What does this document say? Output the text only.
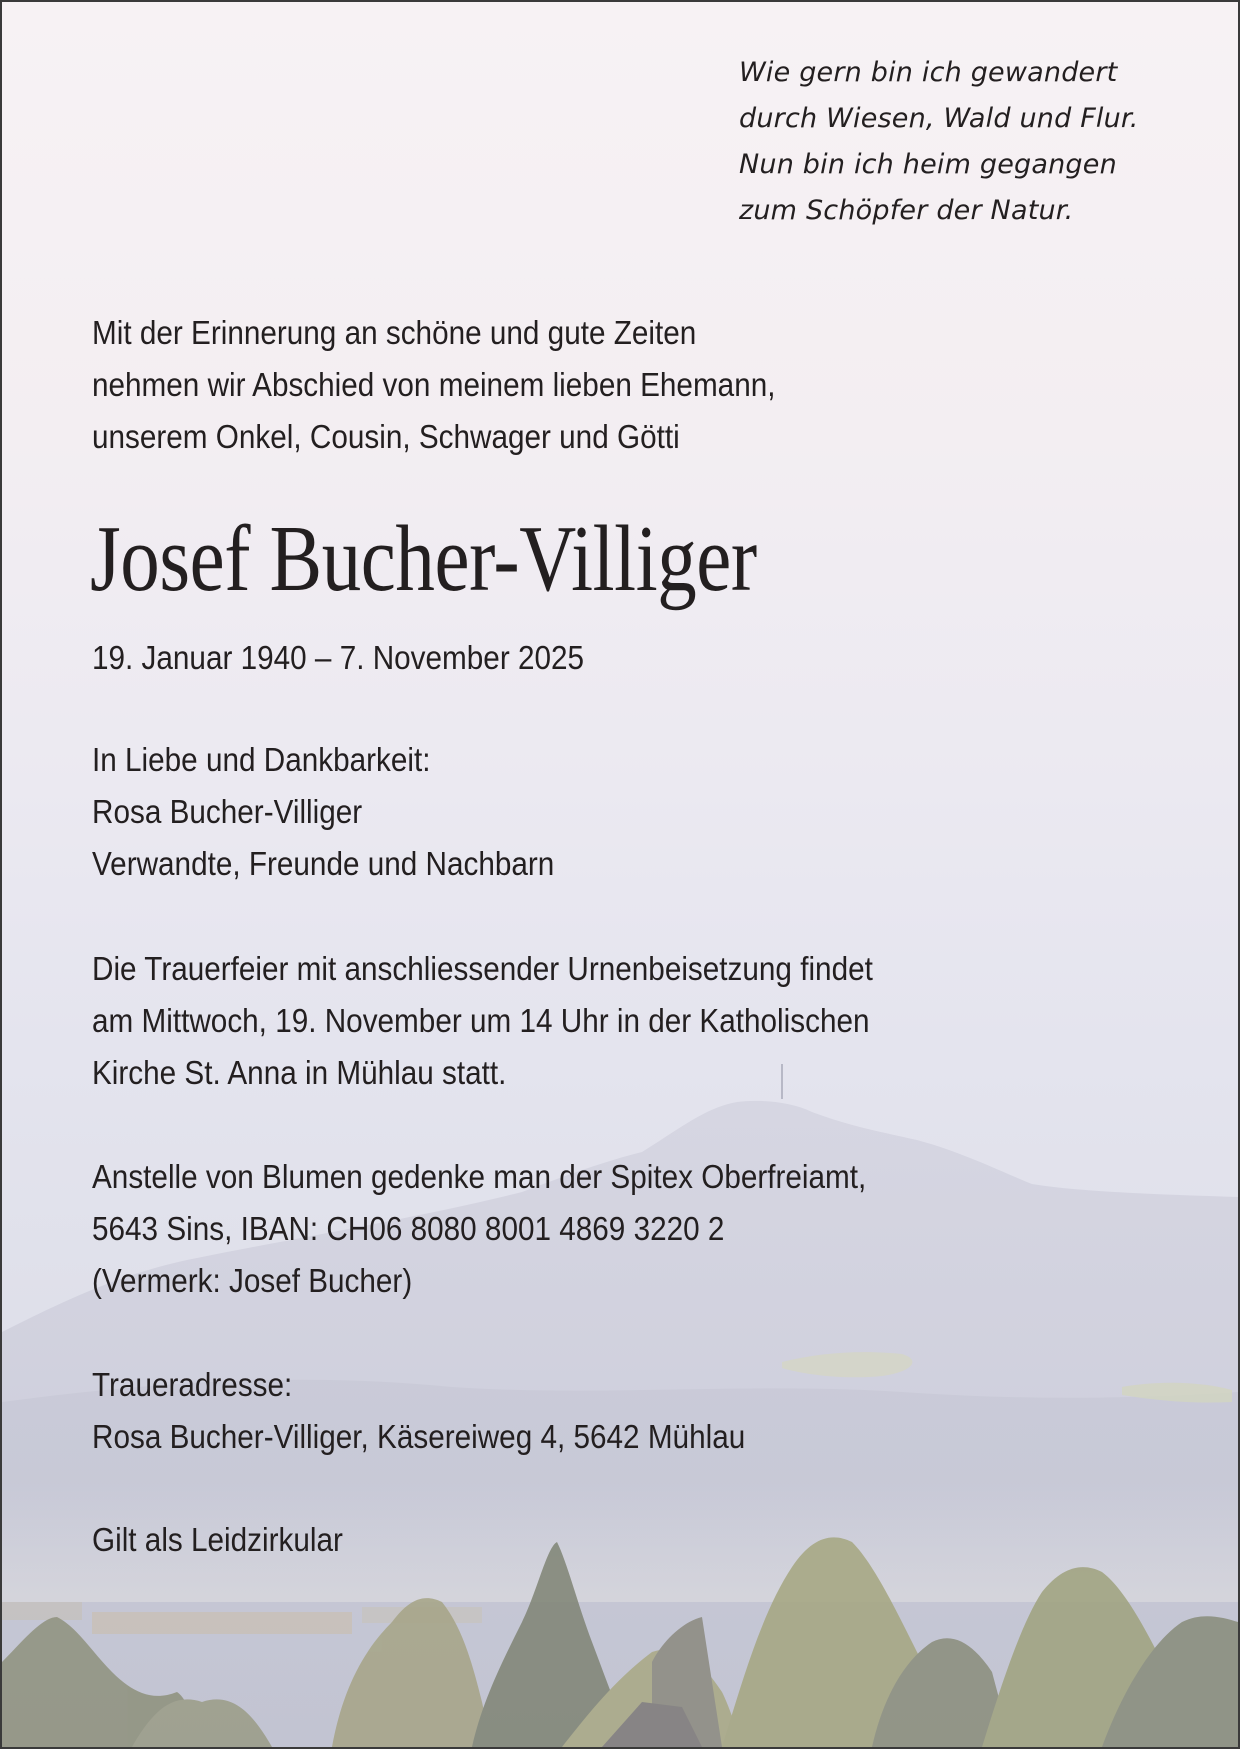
Wie gern bin ich gewandert
durch Wiesen, Wald und Flur.
Nun bin ich heim gegangen
zum Schöpfer der Natur.
Mit der Erinnerung an schöne und gute Zeiten
nehmen wir Abschied von meinem lieben Ehemann,
unserem Onkel, Cousin, Schwager und Götti
Josef Bucher-Villiger
19. Januar 1940 – 7. November 2025
In Liebe und Dankbarkeit:
Rosa Bucher-Villiger
Verwandte, Freunde und Nachbarn
Die Trauerfeier mit anschliessender Urnenbeisetzung findet
am Mittwoch, 19. November um 14 Uhr in der Katholischen
Kirche St. Anna in Mühlau statt.
Anstelle von Blumen gedenke man der Spitex Oberfreiamt,
5643 Sins, IBAN: CH06 8080 8001 4869 3220 2
(Vermerk: Josef Bucher)
Traueradresse:
Rosa Bucher-Villiger, Käsereiweg 4, 5642 Mühlau
Gilt als Leidzirkular
